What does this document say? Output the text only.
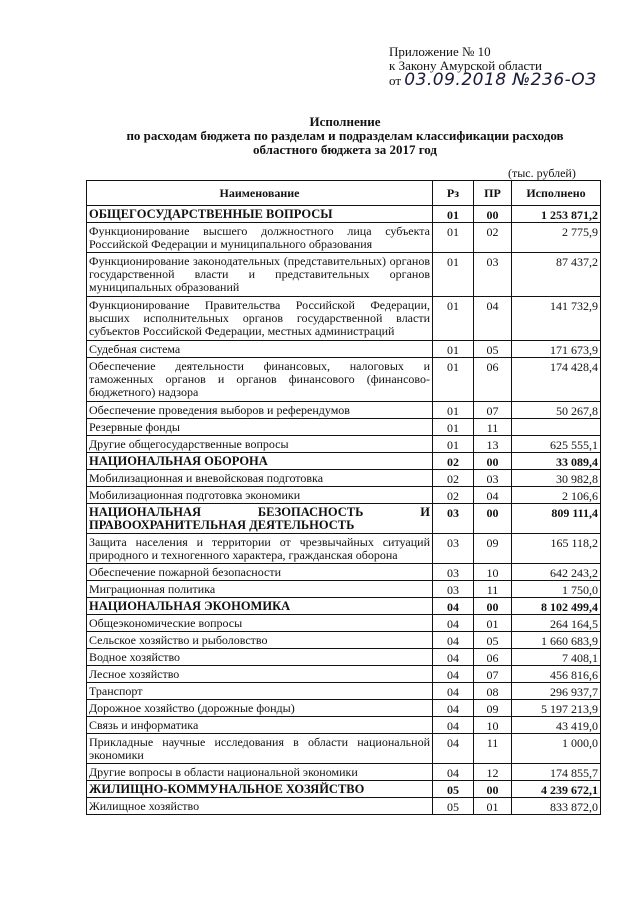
Приложение № 10
к Закону Амурской области
от 03.09.2018 №236-ОЗ
Исполнение
по расходам бюджета по разделам и подразделам классификации расходов
областного бюджета за 2017 год
(тыс. рублей)
Наименование	Рз	ПР	Исполнено
ОБЩЕГОСУДАРСТВЕННЫЕ ВОПРОСЫ	01	00	1 253 871,2
Функционирование высшего должностного лица субъекта Российской Федерации и муниципального образования	01	02	2 775,9
Функционирование законодательных (представительных) органов государственной власти и представительных органов муниципальных образований	01	03	87 437,2
Функционирование Правительства Российской Федерации, высших исполнительных органов государственной власти субъектов Российской Федерации, местных администраций	01	04	141 732,9
Судебная система	01	05	171 673,9
Обеспечение деятельности финансовых, налоговых и таможенных органов и органов финансового (финансово-бюджетного) надзора	01	06	174 428,4
Обеспечение проведения выборов и референдумов	01	07	50 267,8
Резервные фонды	01	11	
Другие общегосударственные вопросы	01	13	625 555,1
НАЦИОНАЛЬНАЯ ОБОРОНА	02	00	33 089,4
Мобилизационная и вневойсковая подготовка	02	03	30 982,8
Мобилизационная подготовка экономики	02	04	2 106,6
НАЦИОНАЛЬНАЯ БЕЗОПАСНОСТЬ И ПРАВООХРАНИТЕЛЬНАЯ ДЕЯТЕЛЬНОСТЬ	03	00	809 111,4
Защита населения и территории от чрезвычайных ситуаций природного и техногенного характера, гражданская оборона	03	09	165 118,2
Обеспечение пожарной безопасности	03	10	642 243,2
Миграционная политика	03	11	1 750,0
НАЦИОНАЛЬНАЯ ЭКОНОМИКА	04	00	8 102 499,4
Общеэкономические вопросы	04	01	264 164,5
Сельское хозяйство и рыболовство	04	05	1 660 683,9
Водное хозяйство	04	06	7 408,1
Лесное хозяйство	04	07	456 816,6
Транспорт	04	08	296 937,7
Дорожное хозяйство (дорожные фонды)	04	09	5 197 213,9
Связь и информатика	04	10	43 419,0
Прикладные научные исследования в области национальной экономики	04	11	1 000,0
Другие вопросы в области национальной экономики	04	12	174 855,7
ЖИЛИЩНО-КОММУНАЛЬНОЕ ХОЗЯЙСТВО	05	00	4 239 672,1
Жилищное хозяйство	05	01	833 872,0
